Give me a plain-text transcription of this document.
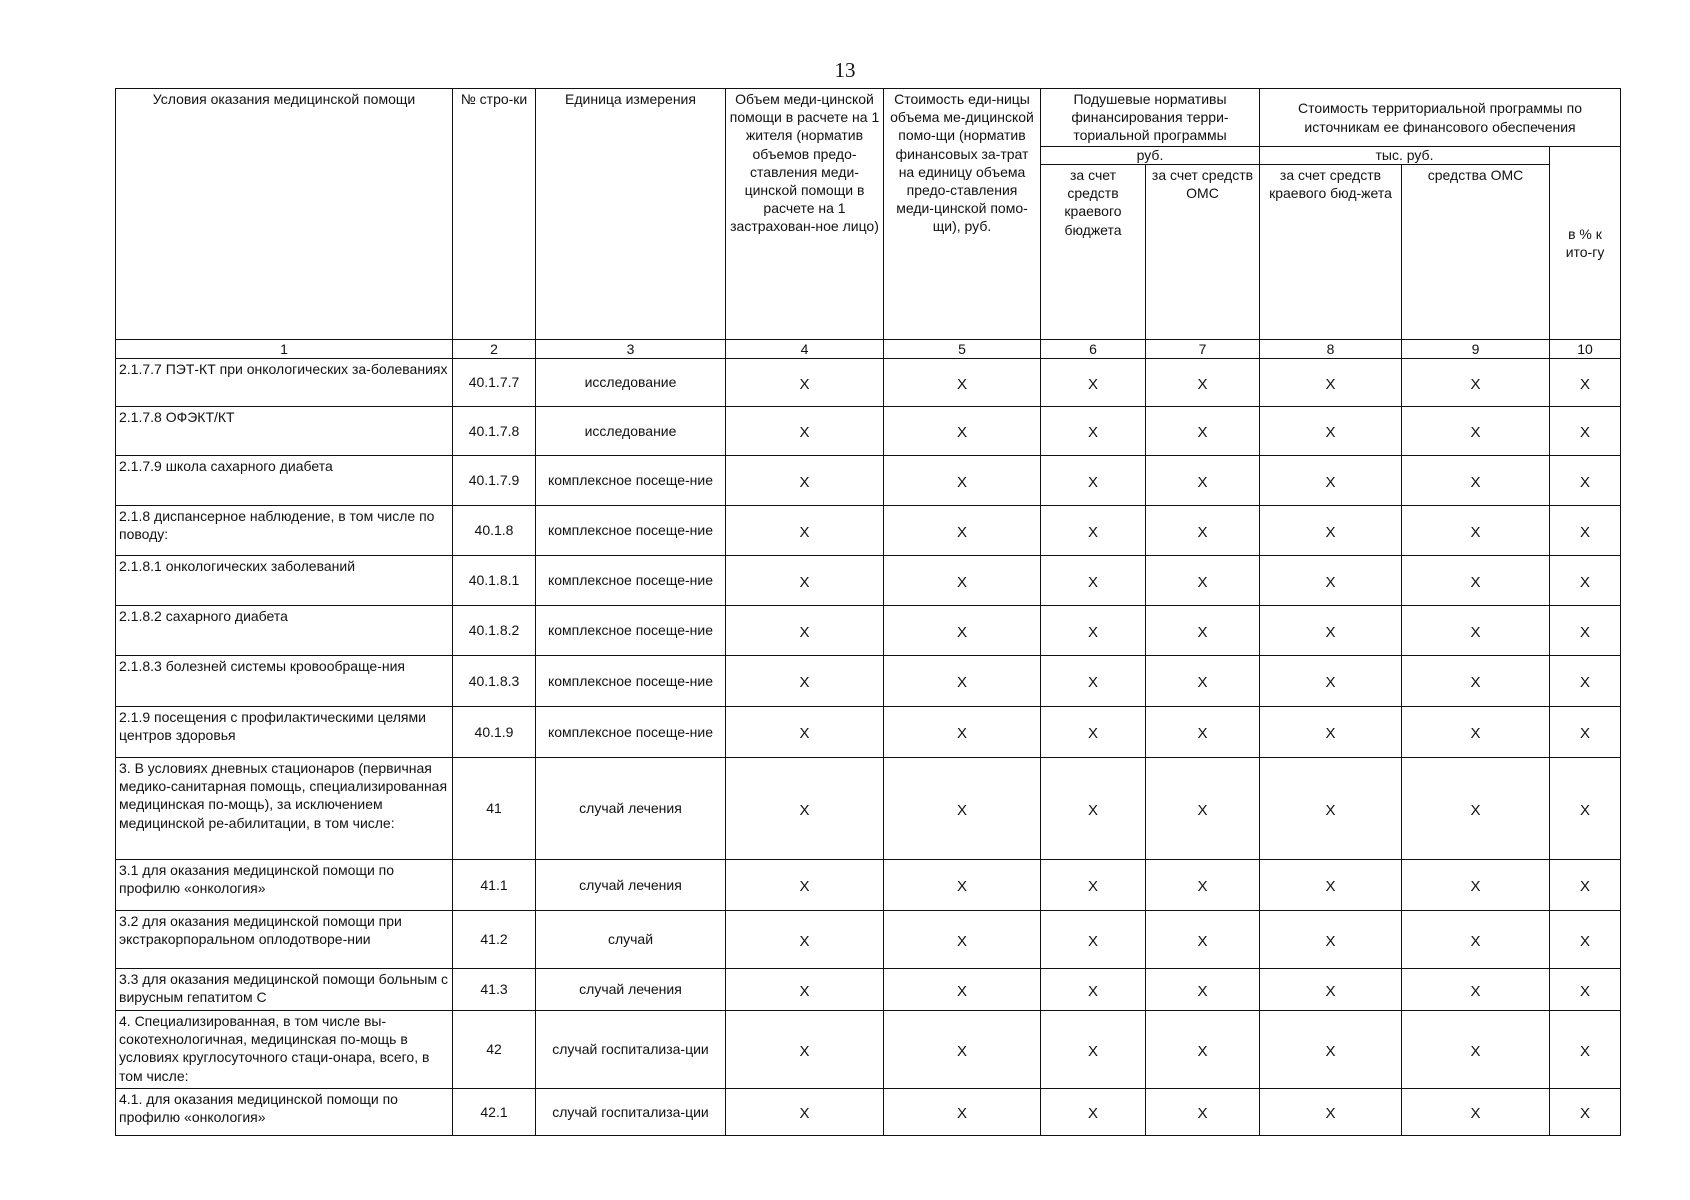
13
Условия оказания медицинской помощи	№ стро-ки	Единица измерения	Объем меди-цинской помощи в расчете на 1 жителя (норматив объемов предо-ставления меди-цинской помощи в расчете на 1 застрахован-ное лицо)	Стоимость еди-ницы объема ме-дицинской помо-щи (норматив финансовых за-трат на единицу объема предо-ставления меди-цинской помо-щи), руб.	Подушевые нормативы финансирования терри-ториальной программы		Стоимость территориальной программы по источникам ее финансового обеспечения		
					руб.		тыс. руб.		в % к ито-гу
					за счет средств краевого бюджета	за счет средств ОМС	за счет средств краевого бюд-жета	средства ОМС	
1	2	3	4	5	6	7	8	9	10
2.1.7.7 ПЭТ-КТ при онкологических за-болеваниях	40.1.7.7	исследование	X	X	X	X	X	X	X
2.1.7.8 ОФЭКТ/КТ	40.1.7.8	исследование	X	X	X	X	X	X	X
2.1.7.9 школа сахарного диабета	40.1.7.9	комплексное посеще-ние	X	X	X	X	X	X	X
2.1.8 диспансерное наблюдение, в том числе по поводу:	40.1.8	комплексное посеще-ние	X	X	X	X	X	X	X
2.1.8.1 онкологических заболеваний	40.1.8.1	комплексное посеще-ние	X	X	X	X	X	X	X
2.1.8.2 сахарного диабета	40.1.8.2	комплексное посеще-ние	X	X	X	X	X	X	X
2.1.8.3 болезней системы кровообраще-ния	40.1.8.3	комплексное посеще-ние	X	X	X	X	X	X	X
2.1.9 посещения с профилактическими целями центров здоровья	40.1.9	комплексное посеще-ние	X	X	X	X	X	X	X
3. В условиях дневных стационаров (первичная медико-санитарная помощь, специализированная медицинская по-мощь), за исключением медицинской ре-абилитации, в том числе:	41	случай лечения	X	X	X	X	X	X	X
3.1 для оказания медицинской помощи по профилю «онкология»	41.1	случай лечения	X	X	X	X	X	X	X
3.2 для оказания медицинской помощи при экстракорпоральном оплодотворе-нии	41.2	случай	X	X	X	X	X	X	X
3.3 для оказания медицинской помощи больным с вирусным гепатитом С	41.3	случай лечения	X	X	X	X	X	X	X
4. Специализированная, в том числе вы-сокотехнологичная, медицинская по-мощь в условиях круглосуточного стаци-онара, всего, в том числе:	42	случай госпитализа-ции	X	X	X	X	X	X	X
4.1. для оказания медицинской помощи по профилю «онкология»	42.1	случай госпитализа-ции	X	X	X	X	X	X	X
